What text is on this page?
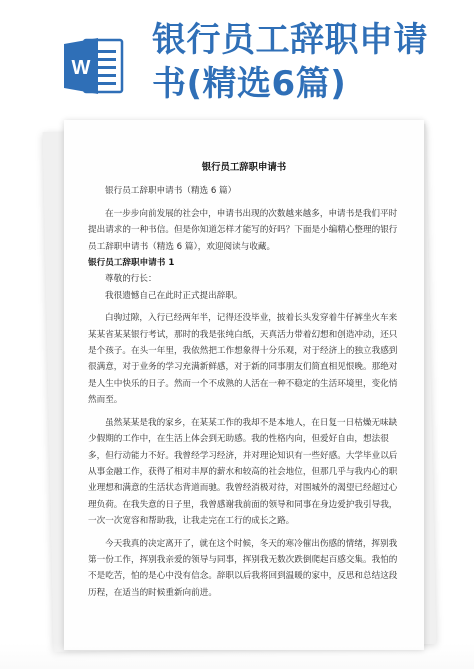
W
银行员工辞职申请
书(精选6篇)
银行员工辞职申请书

银行员工辞职申请书（精选 6 篇）

在一步步向前发展的社会中，申请书出现的次数越来越多，申请书是我们平时提出请求的一种书信。但是你知道怎样才能写的好吗？下面是小编精心整理的银行员工辞职申请书（精选 6 篇），欢迎阅读与收藏。

银行员工辞职申请书 1

尊敬的行长：

我很遗憾自己在此时正式提出辞职。

白驹过隙，入行已经两年半，记得还没毕业，披着长头发穿着牛仔裤坐火车来某某省某某银行考试，那时的我是张纯白纸，天真活力带着幻想和创造冲动，还只是个孩子。在头一年里，我依然把工作想象得十分乐观，对于经济上的独立我感到很满意，对于业务的学习充满新鲜感，对于新的同事朋友们简直相见恨晚。那绝对是人生中快乐的日子。然而一个不成熟的人活在一种不稳定的生活环境里，变化悄然而至。

虽然某某是我的家乡，在某某工作的我却不是本地人，在日复一日枯燥无味缺少假期的工作中，在生活上体会到无助感。我的性格内向，但爱好自由，想法很多，但行动能力不好。我曾经学习经济，并对理论知识有一些好感。大学毕业以后从事金融工作，获得了相对丰厚的薪水和较高的社会地位，但那几乎与我内心的职业理想和满意的生活状态背道而驰。我曾经消极对待，对围城外的渴望已经超过心理负荷。在我失意的日子里，我曾感谢我前面的领导和同事在身边爱护我引导我，一次一次宽容和帮助我，让我走完在工行的成长之路。

今天我真的决定离开了，就在这个时候，冬天的寒冷催出伤感的情绪，挥别我第一份工作，挥别我亲爱的领导与同事，挥别我无数次跌倒爬起百感交集。我怕的不是吃苦，怕的是心中没有信念。辞职以后我将回到温暖的家中，反思和总结这段历程，在适当的时候重新向前进。
